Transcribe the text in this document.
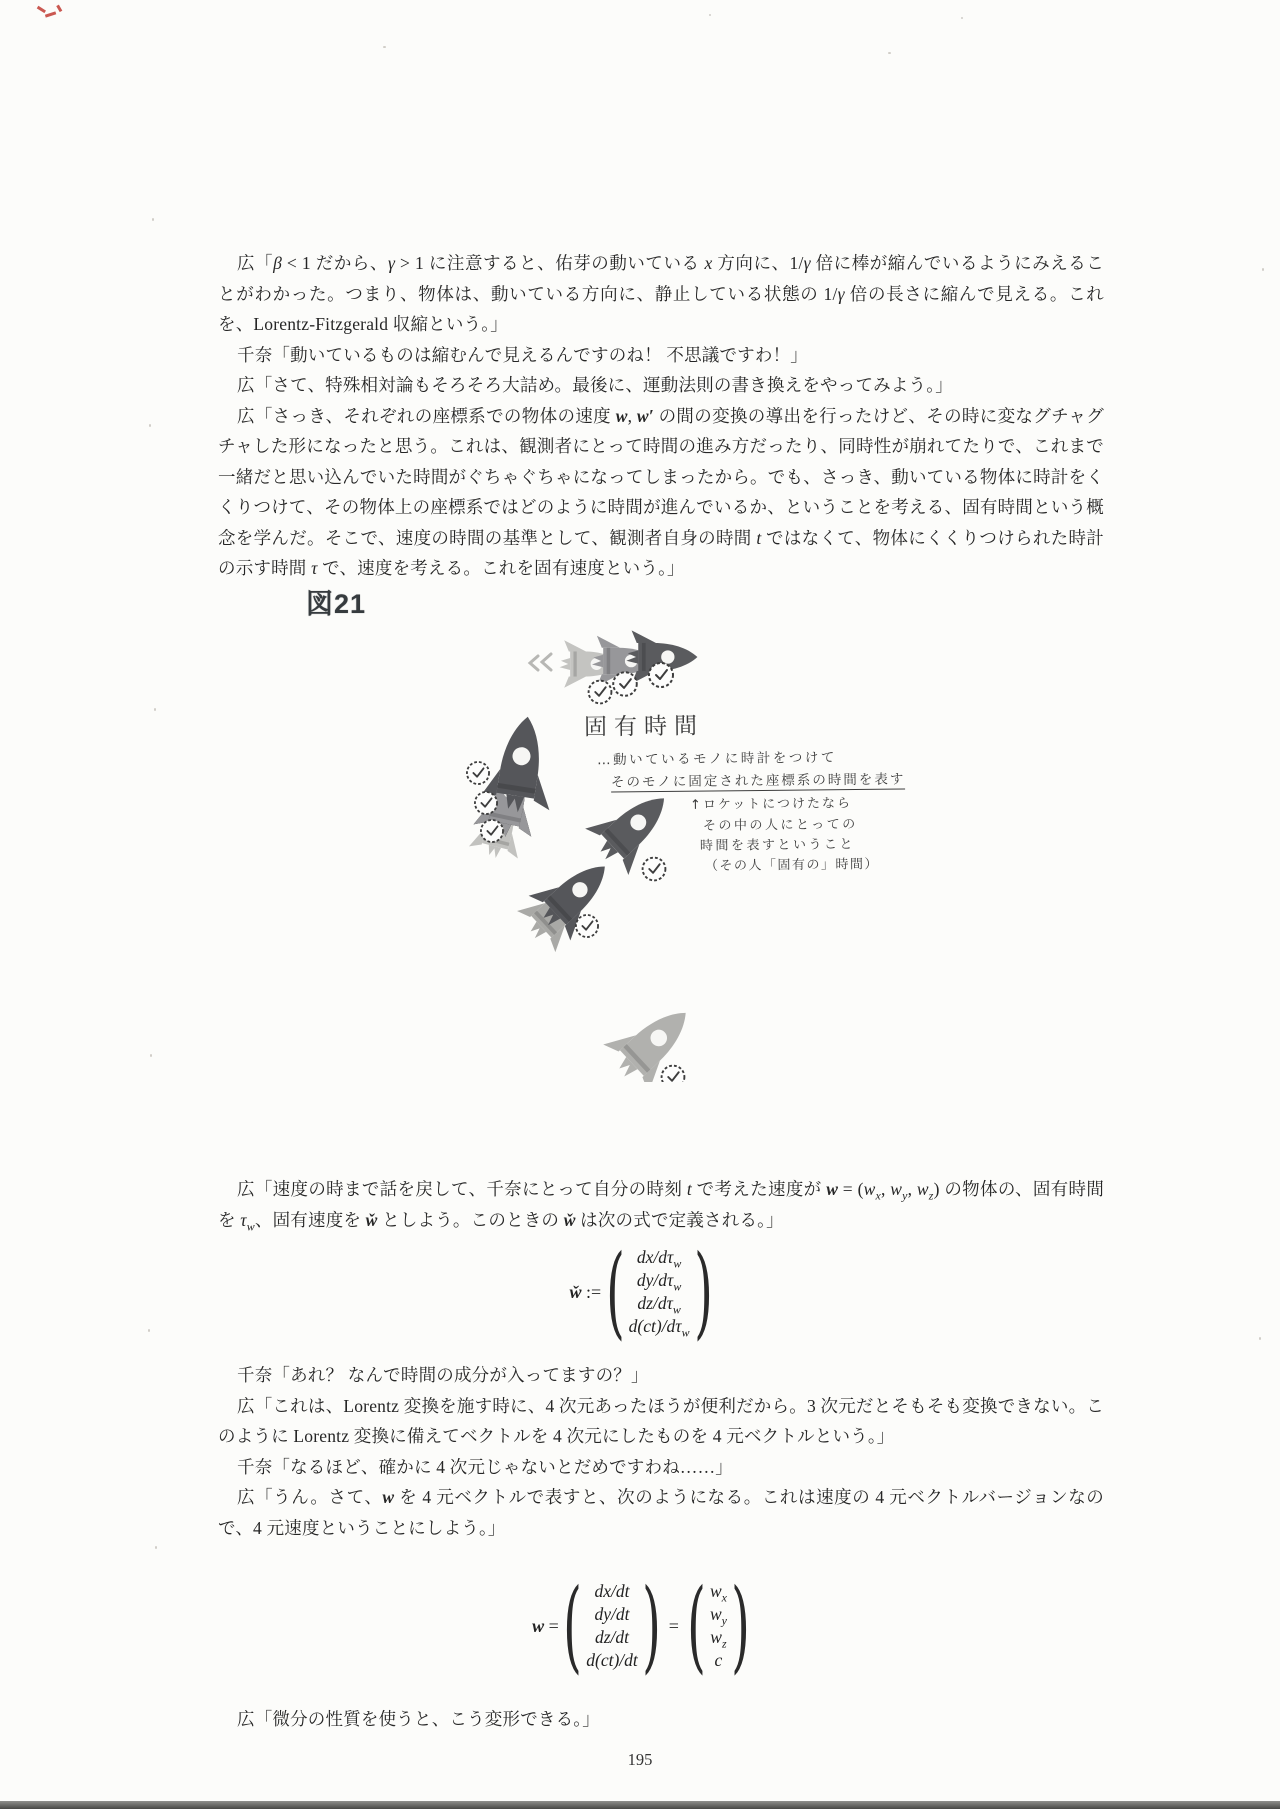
広「β < 1 だから、γ > 1 に注意すると、佑芽の動いている x 方向に、1/γ 倍に棒が縮んでいるようにみえることがわかった。つまり、物体は、動いている方向に、静止している状態の 1/γ 倍の長さに縮んで見える。これを、Lorentz-Fitzgerald 収縮という。」

千奈「動いているものは縮むんで見えるんですのね！ 不思議ですわ！」

広「さて、特殊相対論もそろそろ大詰め。最後に、運動法則の書き換えをやってみよう。」

広「さっき、それぞれの座標系での物体の速度 w, w′ の間の変換の導出を行ったけど、その時に変なグチャグチャした形になったと思う。これは、観測者にとって時間の進み方だったり、同時性が崩れてたりで、これまで一緒だと思い込んでいた時間がぐちゃぐちゃになってしまったから。でも、さっき、動いている物体に時計をくくりつけて、その物体上の座標系ではどのように時間が進んでいるか、ということを考える、固有時間という概念を学んだ。そこで、速度の時間の基準として、観測者自身の時間 t ではなくて、物体にくくりつけられた時計の示す時間 τ で、速度を考える。これを固有速度という。」

図21
固有時間
…動いているモノに時計をつけて
そのモノに固定された座標系の時間を表す
↑ロケットにつけたなら
その中の人にとっての
時間を表すということ
（その人「固有の」時間）

広「速度の時まで話を戻して、千奈にとって自分の時刻 t で考えた速度が $w = (w_x$, $w_y$, $w_z$) の物体の、固有時間を $\tau_w$、固有速度を w̌ としよう。このときの w̌ は次の式で定義される。」

w̌ := ( $dx/d\tau_w$
$dy/d\tau_w$
$dz/d\tau_w$
$d(ct)/d\tau_w$ )

千奈「あれ？ なんで時間の成分が入ってますの？」

広「これは、Lorentz 変換を施す時に、4 次元あったほうが便利だから。3 次元だとそもそも変換できない。このように Lorentz 変換に備えてベクトルを 4 次元にしたものを 4 元ベクトルという。」

千奈「なるほど、確かに 4 次元じゃないとだめですわね……」

広「うん。さて、w を 4 元ベクトルで表すと、次のようになる。これは速度の 4 元ベクトルバージョンなので、4 元速度ということにしよう。」

w = ( dx/dt
dy/dt
dz/dt
d(ct)/dt ) = ( $w_x$
$w_y$
$w_z$
c )

広「微分の性質を使うと、こう変形できる。」

195
